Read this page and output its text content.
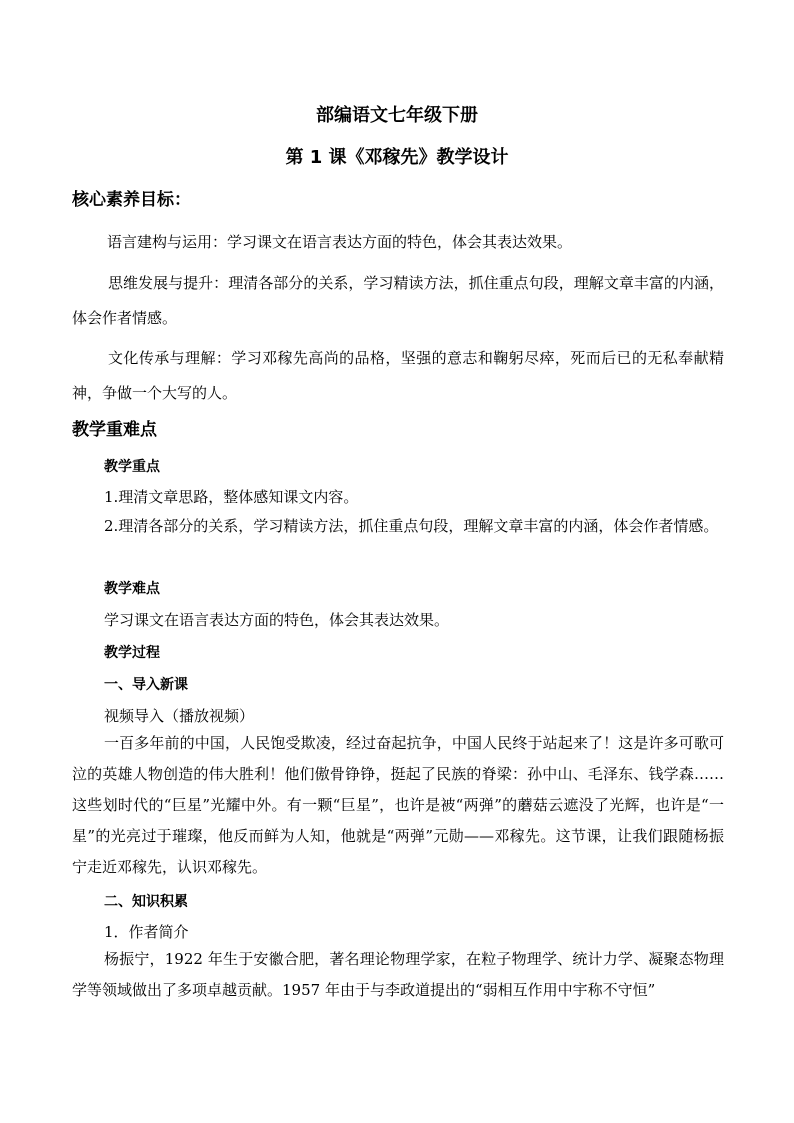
部编语文七年级下册
第 1 课《邓稼先》教学设计
核心素养目标：
语言建构与运用：学习课文在语言表达方面的特色，体会其表达效果。
思维发展与提升：理清各部分的关系，学习精读方法，抓住重点句段，理解文章丰富的内涵，体会作者情感。
文化传承与理解：学习邓稼先高尚的品格，坚强的意志和鞠躬尽瘁，死而后已的无私奉献精神，争做一个大写的人。
教学重难点
教学重点
1.理清文章思路，整体感知课文内容。
2.理清各部分的关系，学习精读方法，抓住重点句段，理解文章丰富的内涵，体会作者情感。
教学难点
学习课文在语言表达方面的特色，体会其表达效果。
教学过程
一、导入新课
视频导入（播放视频）
一百多年前的中国，人民饱受欺凌，经过奋起抗争，中国人民终于站起来了！这是许多可歌可泣的英雄人物创造的伟大胜利！他们傲骨铮铮，挺起了民族的脊梁：孙中山、毛泽东、钱学森……这些划时代的“巨星”光耀中外。有一颗“巨星”，也许是被“两弹”的蘑菇云遮没了光辉，也许是“一星”的光亮过于璀璨，他反而鲜为人知，他就是“两弹”元勋——邓稼先。这节课，让我们跟随杨振宁走近邓稼先，认识邓稼先。
二、知识积累
1．作者简介
杨振宁，1922 年生于安徽合肥，著名理论物理学家，在粒子物理学、统计力学、凝聚态物理学等领域做出了多项卓越贡献。1957 年由于与李政道提出的“弱相互作用中宇称不守恒”
